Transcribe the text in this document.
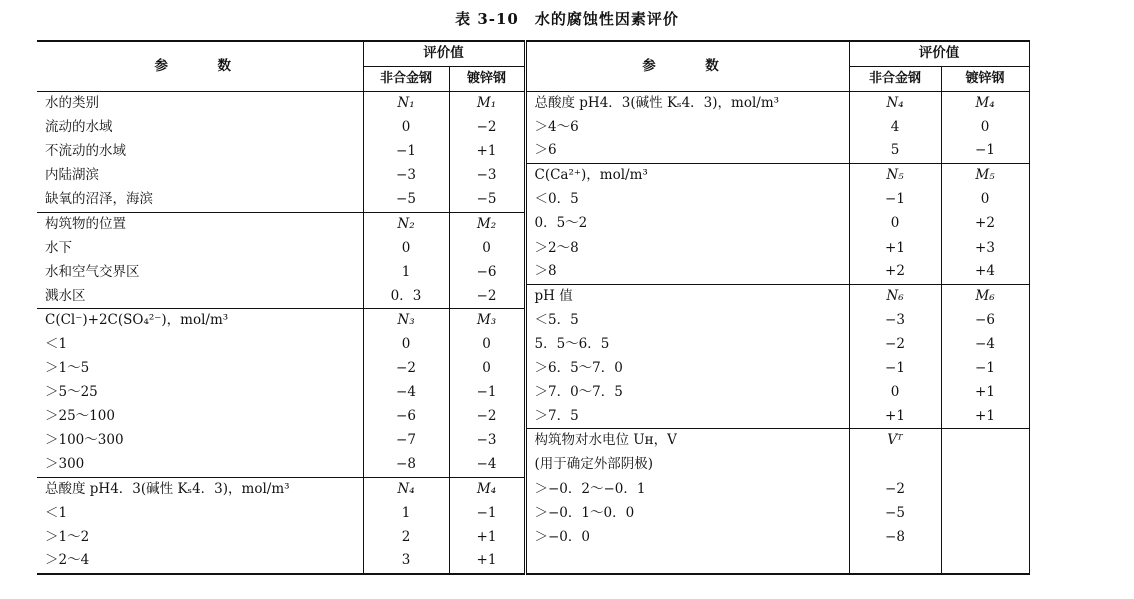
表 3-10　水的腐蚀性因素评价
参　数	评价值		参　数	评价值	
	非合金钢	镀锌钢		非合金钢	镀锌钢
水的类别	N₁	M₁	总酸度 pH4．3(碱性 Kₛ4．3)，mol/m³	N₄	M₄
流动的水域	0	−2	＞4～6	4	0
不流动的水域	−1	+1	＞6	5	−1
内陆湖滨	−3	−3	C(Ca²⁺)，mol/m³	N₅	M₅
缺氧的沼泽，海滨	−5	−5	＜0．5	−1	0
构筑物的位置	N₂	M₂	0．5～2	0	+2
水下	0	0	＞2～8	+1	+3
水和空气交界区	1	−6	＞8	+2	+4
溅水区	0．3	−2	pH 值	N₆	M₆
C(Cl⁻)+2C(SO₄²⁻)，mol/m³	N₃	M₃	＜5．5	−3	−6
＜1	0	0	5．5～6．5	−2	−4
＞1～5	−2	0	＞6．5～7．0	−1	−1
＞5～25	−4	−1	＞7．0～7．5	0	+1
＞25～100	−6	−2	＞7．5	+1	+1
＞100～300	−7	−3	构筑物对水电位 Uн，V	Vᵀ	
＞300	−8	−4	(用于确定外部阴极)		
总酸度 pH4．3(碱性 Kₛ4．3)，mol/m³	N₄	M₄	＞−0．2～−0．1	−2	
＜1	1	−1	＞−0．1～0．0	−5	
＞1～2	2	+1	＞−0．0	−8	
＞2～4	3	+1			
